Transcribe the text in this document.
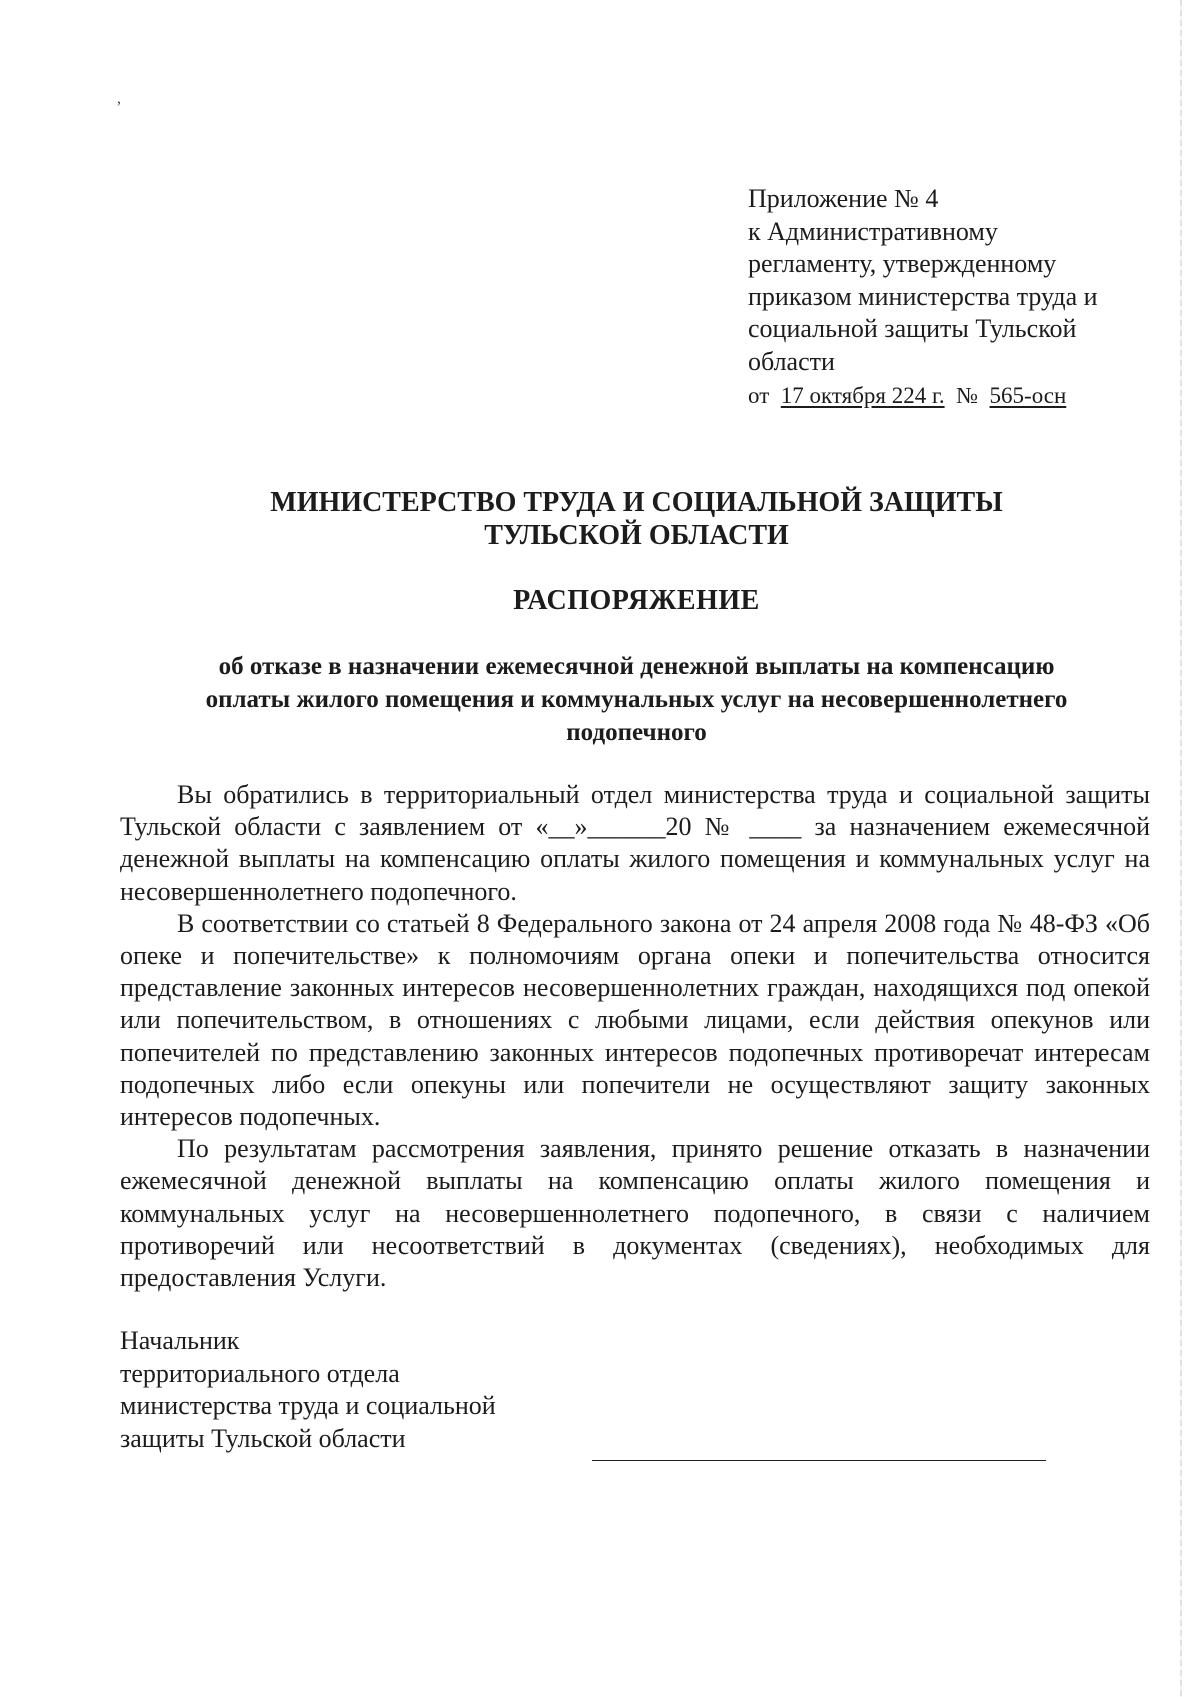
,
Приложение № 4
к Административному
регламенту, утвержденному
приказом министерства труда и
социальной защиты Тульской
области
от 17 октября 224 г. № 565-осн
МИНИСТЕРСТВО ТРУДА И СОЦИАЛЬНОЙ ЗАЩИТЫ
ТУЛЬСКОЙ ОБЛАСТИ
РАСПОРЯЖЕНИЕ
об отказе в назначении ежемесячной денежной выплаты на компенсацию
оплаты жилого помещения и коммунальных услуг на несовершеннолетнего
подопечного

Вы обратились в территориальный отдел министерства труда и социальной защиты Тульской области с заявлением от «__»______20 № ____ за назначением ежемесячной денежной выплаты на компенсацию оплаты жилого помещения и коммунальных услуг на несовершеннолетнего подопечного.

В соответствии со статьей 8 Федерального закона от 24 апреля 2008 года № 48-ФЗ «Об опеке и попечительстве» к полномочиям органа опеки и попечительства относится представление законных интересов несовершеннолетних граждан, находящихся под опекой или попечительством, в отношениях с любыми лицами, если действия опекунов или попечителей по представлению законных интересов подопечных противоречат интересам подопечных либо если опекуны или попечители не осуществляют защиту законных интересов подопечных.

По результатам рассмотрения заявления, принято решение отказать в назначении ежемесячной денежной выплаты на компенсацию оплаты жилого помещения и коммунальных услуг на несовершеннолетнего подопечного, в связи с наличием противоречий или несоответствий в документах (сведениях), необходимых для предоставления Услуги.

Начальник
территориального отдела
министерства труда и социальной
защиты Тульской области
